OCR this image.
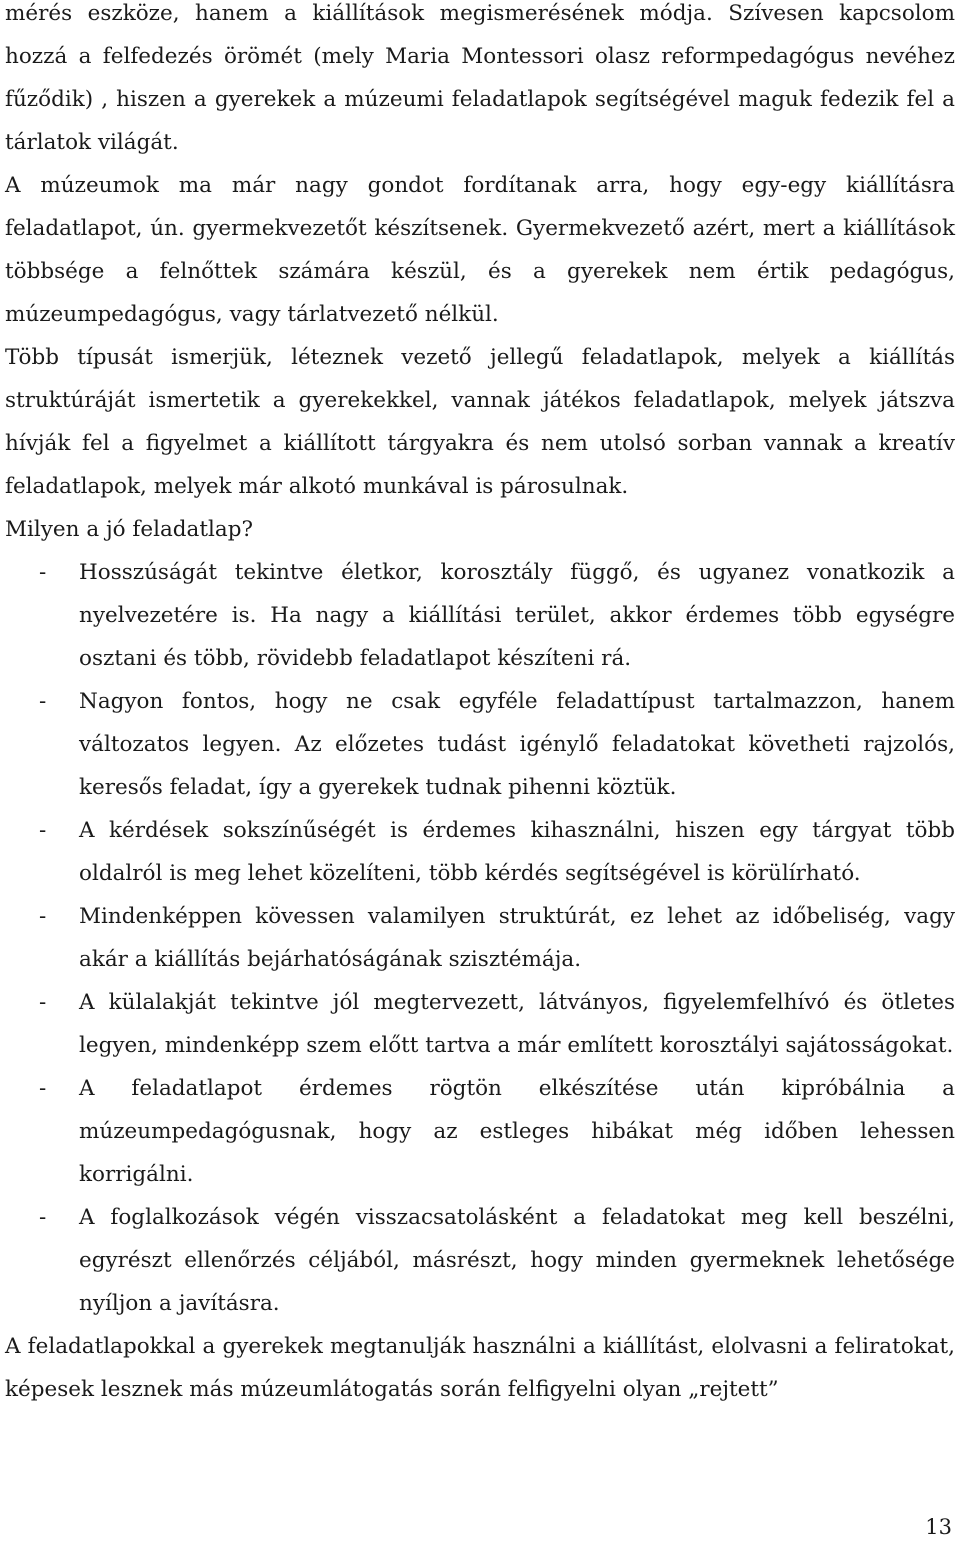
mérés eszköze, hanem a kiállítások megismerésének módja. Szívesen kapcsolom hozzá a felfedezés örömét (mely Maria Montessori olasz reformpedagógus nevéhez fűződik) , hiszen a gyerekek a múzeumi feladatlapok segítségével maguk fedezik fel a tárlatok világát.

A múzeumok ma már nagy gondot fordítanak arra, hogy egy-egy kiállításra feladatlapot, ún. gyermekvezetőt készítsenek. Gyermekvezető azért, mert a kiállítások többsége a felnőttek számára készül, és a gyerekek nem értik pedagógus, múzeumpedagógus, vagy tárlatvezető nélkül.

Több típusát ismerjük, léteznek vezető jellegű feladatlapok, melyek a kiállítás struktúráját ismertetik a gyerekekkel, vannak játékos feladatlapok, melyek játszva hívják fel a figyelmet a kiállított tárgyakra és nem utolsó sorban vannak a kreatív feladatlapok, melyek már alkotó munkával is párosulnak.

Milyen a jó feladatlap?

- Hosszúságát tekintve életkor, korosztály függő, és ugyanez vonatkozik a nyelvezetére is. Ha nagy a kiállítási terület, akkor érdemes több egységre osztani és több, rövidebb feladatlapot készíteni rá.
- Nagyon fontos, hogy ne csak egyféle feladattípust tartalmazzon, hanem változatos legyen. Az előzetes tudást igénylő feladatokat követheti rajzolós, keresős feladat, így a gyerekek tudnak pihenni köztük.
- A kérdések sokszínűségét is érdemes kihasználni, hiszen egy tárgyat több oldalról is meg lehet közelíteni, több kérdés segítségével is körülírható.
- Mindenképpen kövessen valamilyen struktúrát, ez lehet az időbeliség, vagy akár a kiállítás bejárhatóságának szisztémája.
- A külalakját tekintve jól megtervezett, látványos, figyelemfelhívó és ötletes legyen, mindenképp szem előtt tartva a már említett korosztályi sajátosságokat.
- A feladatlapot érdemes rögtön elkészítése után kipróbálnia a múzeumpedagógusnak, hogy az estleges hibákat még időben lehessen korrigálni.
- A foglalkozások végén visszacsatolásként a feladatokat meg kell beszélni, egyrészt ellenőrzés céljából, másrészt, hogy minden gyermeknek lehetősége nyíljon a javításra.

A feladatlapokkal a gyerekek megtanulják használni a kiállítást, elolvasni a feliratokat, képesek lesznek más múzeumlátogatás során felfigyelni olyan „rejtett”

13
